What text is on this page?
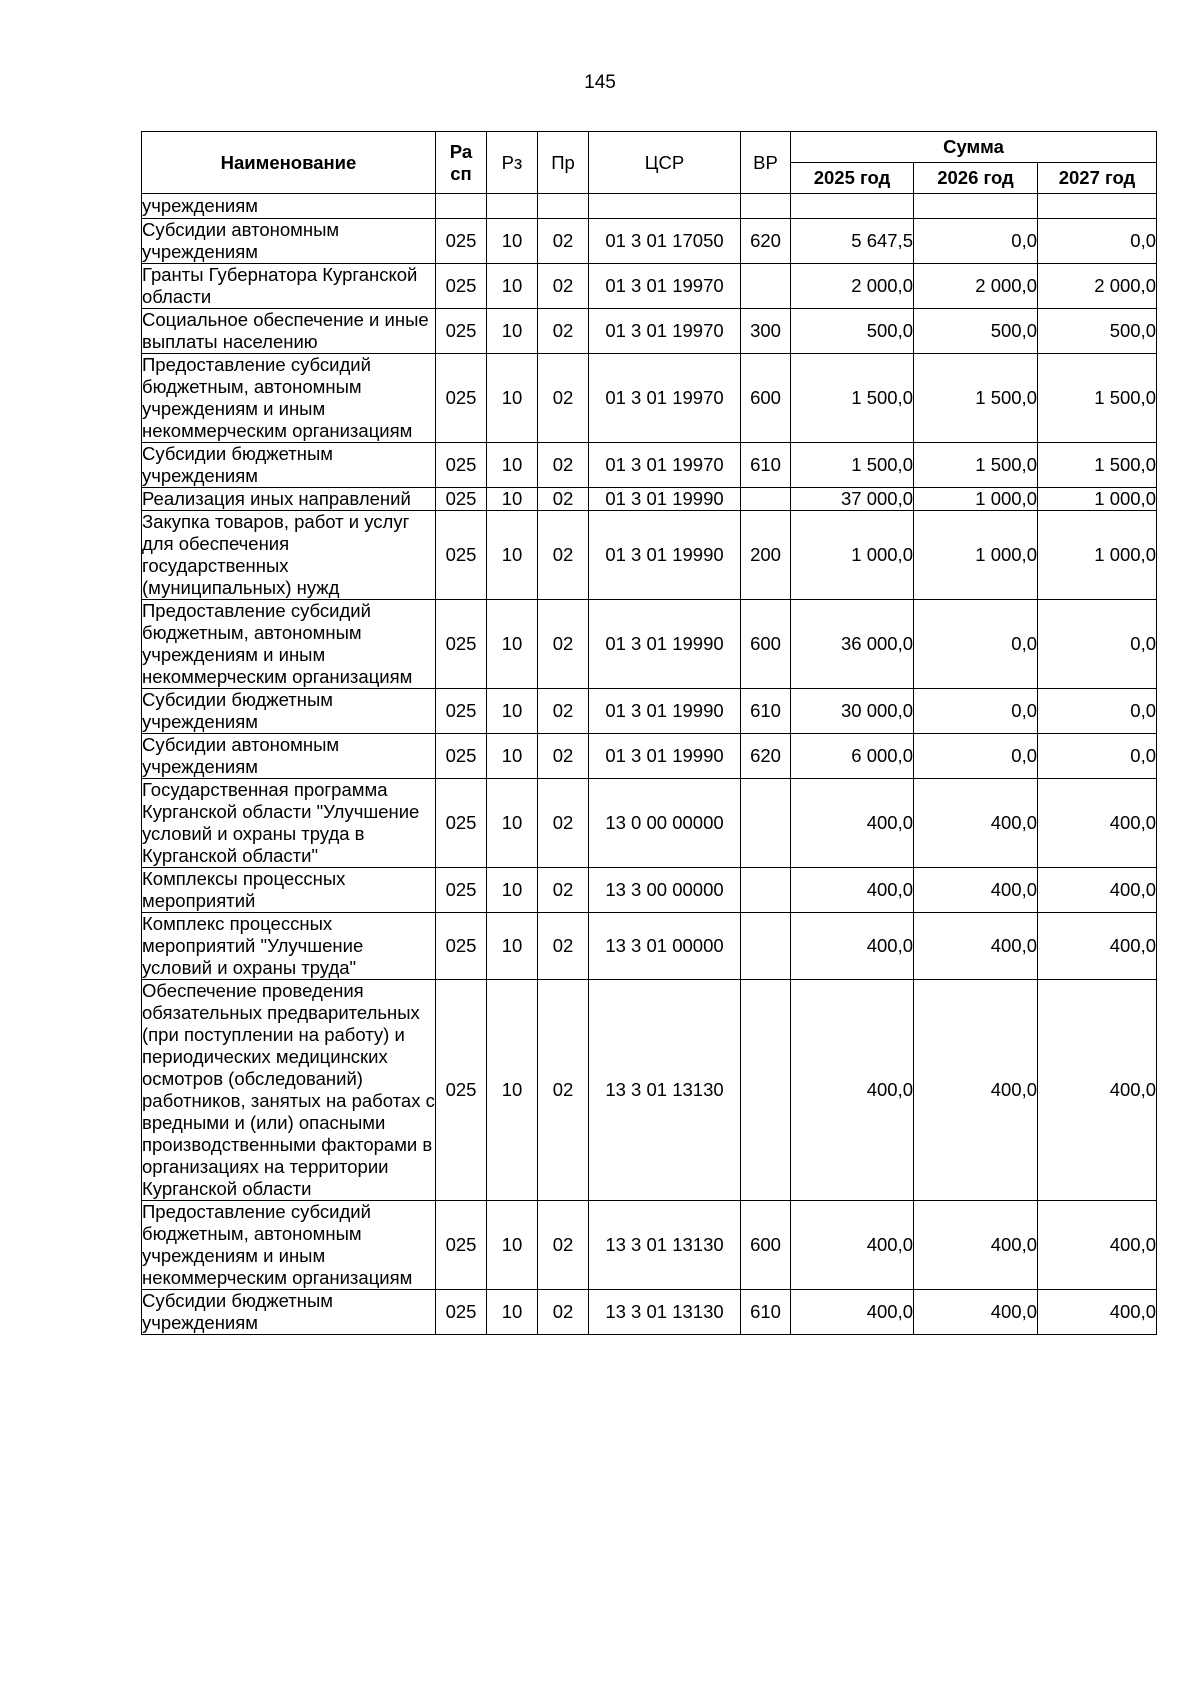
145
Наименование	Ра сп	Рз	Пр	ЦСР	ВР	Сумма		
						2025 год	2026 год	2027 год
учреждениям								
Субсидии автономным учреждениям	025	10	02	01 3 01 17050	620	5 647,5	0,0	0,0
Гранты Губернатора Курганской области	025	10	02	01 3 01 19970		2 000,0	2 000,0	2 000,0
Социальное обеспечение и иные выплаты населению	025	10	02	01 3 01 19970	300	500,0	500,0	500,0
Предоставление субсидий бюджетным, автономным учреждениям и иным некоммерческим организациям	025	10	02	01 3 01 19970	600	1 500,0	1 500,0	1 500,0
Субсидии бюджетным учреждениям	025	10	02	01 3 01 19970	610	1 500,0	1 500,0	1 500,0
Реализация иных направлений	025	10	02	01 3 01 19990		37 000,0	1 000,0	1 000,0
Закупка товаров, работ и услуг для обеспечения государственных (муниципальных) нужд	025	10	02	01 3 01 19990	200	1 000,0	1 000,0	1 000,0
Предоставление субсидий бюджетным, автономным учреждениям и иным некоммерческим организациям	025	10	02	01 3 01 19990	600	36 000,0	0,0	0,0
Субсидии бюджетным учреждениям	025	10	02	01 3 01 19990	610	30 000,0	0,0	0,0
Субсидии автономным учреждениям	025	10	02	01 3 01 19990	620	6 000,0	0,0	0,0
Государственная программа Курганской области "Улучшение условий и охраны труда в Курганской области"	025	10	02	13 0 00 00000		400,0	400,0	400,0
Комплексы процессных мероприятий	025	10	02	13 3 00 00000		400,0	400,0	400,0
Комплекс процессных мероприятий "Улучшение условий и охраны труда"	025	10	02	13 3 01 00000		400,0	400,0	400,0
Обеспечение проведения обязательных предварительных (при поступлении на работу) и периодических медицинских осмотров (обследований) работников, занятых на работах с вредными и (или) опасными производственными факторами в организациях на территории Курганской области	025	10	02	13 3 01 13130		400,0	400,0	400,0
Предоставление субсидий бюджетным, автономным учреждениям и иным некоммерческим организациям	025	10	02	13 3 01 13130	600	400,0	400,0	400,0
Субсидии бюджетным учреждениям	025	10	02	13 3 01 13130	610	400,0	400,0	400,0
